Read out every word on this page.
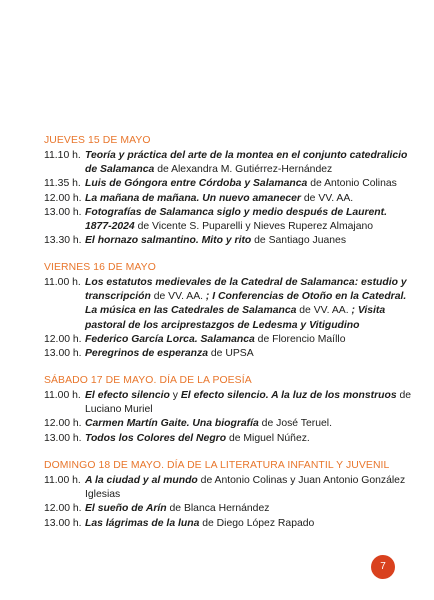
JUEVES 15 DE MAYO
11.10 h. Teoría y práctica del arte de la montea en el conjunto catedralicio de Salamanca de Alexandra M. Gutiérrez-Hernández
11.35 h. Luis de Góngora entre Córdoba y Salamanca de Antonio Colinas
12.00 h. La mañana de mañana. Un nuevo amanecer de VV. AA.
13.00 h. Fotografías de Salamanca siglo y medio después de Laurent. 1877-2024 de Vicente S. Puparelli y Nieves Ruperez Almajano
13.30 h. El hornazo salmantino. Mito y rito de Santiago Juanes
VIERNES 16 DE MAYO
11.00 h. Los estatutos medievales de la Catedral de Salamanca: estudio y transcripción de VV. AA. ; I Conferencias de Otoño en la Catedral. La música en las Catedrales de Salamanca de VV. AA. ; Visita pastoral de los arciprestazgos de Ledesma y Vitigudino
12.00 h. Federico García Lorca. Salamanca de Florencio Maíllo
13.00 h. Peregrinos de esperanza de UPSA
SÁBADO 17 DE MAYO. DÍA DE LA POESÍA
11.00 h. El efecto silencio y El efecto silencio. A la luz de los monstruos de Luciano Muriel
12.00 h. Carmen Martín Gaite. Una biografía de José Teruel.
13.00 h. Todos los Colores del Negro de Miguel Núñez.
DOMINGO 18 DE MAYO. DÍA DE LA LITERATURA INFANTIL Y JUVENIL
11.00 h. A la ciudad y al mundo de Antonio Colinas y Juan Antonio González Iglesias
12.00 h. El sueño de Arín de Blanca Hernández
13.00 h. Las lágrimas de la luna de Diego López Rapado
7
